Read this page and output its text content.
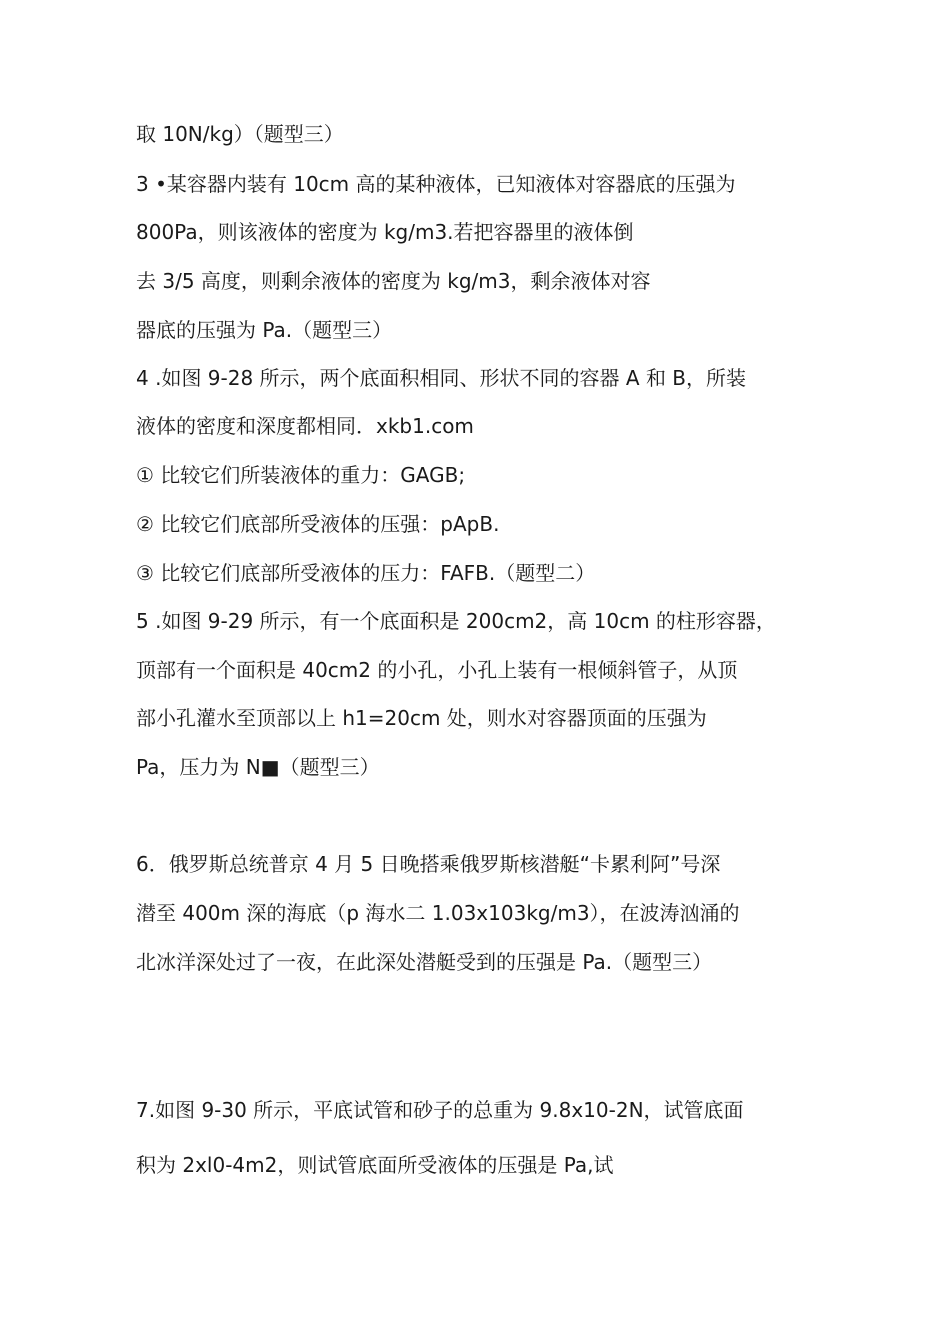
取 10N/kg）（题型三）
3 •某容器内装有 10cm 高的某种液体，已知液体对容器底的压强为
800Pa，则该液体的密度为 kg/m3.若把容器里的液体倒
去 3/5 高度，则剩余液体的密度为 kg/m3，剩余液体对容
器底的压强为 Pa.（题型三）
4 .如图 9-28 所示，两个底面积相同、形状不同的容器 A 和 B，所装
液体的密度和深度都相同．xkb1.com
① 比较它们所装液体的重力：GAGB;
② 比较它们底部所受液体的压强：pApB.
③ 比较它们底部所受液体的压力：FAFB.（题型二）
5 .如图 9-29 所示，有一个底面积是 200cm2，高 10cm 的柱形容器，
顶部有一个面积是 40cm2 的小孔，小孔上装有一根倾斜管子，从顶
部小孔灌水至顶部以上 h1=20cm 处，则水对容器顶面的压强为
Pa，压力为 N■（题型三）
6．俄罗斯总统普京 4 月 5 日晚搭乘俄罗斯核潜艇“卡累利阿”号深
潜至 400m 深的海底（p 海水二 1.03x103kg/m3），在波涛汹涌的
北冰洋深处过了一夜，在此深处潜艇受到的压强是 Pa.（题型三）
7.如图 9-30 所示，平底试管和砂子的总重为 9.8x10-2N，试管底面
积为 2xl0-4m2，则试管底面所受液体的压强是 Pa,试
